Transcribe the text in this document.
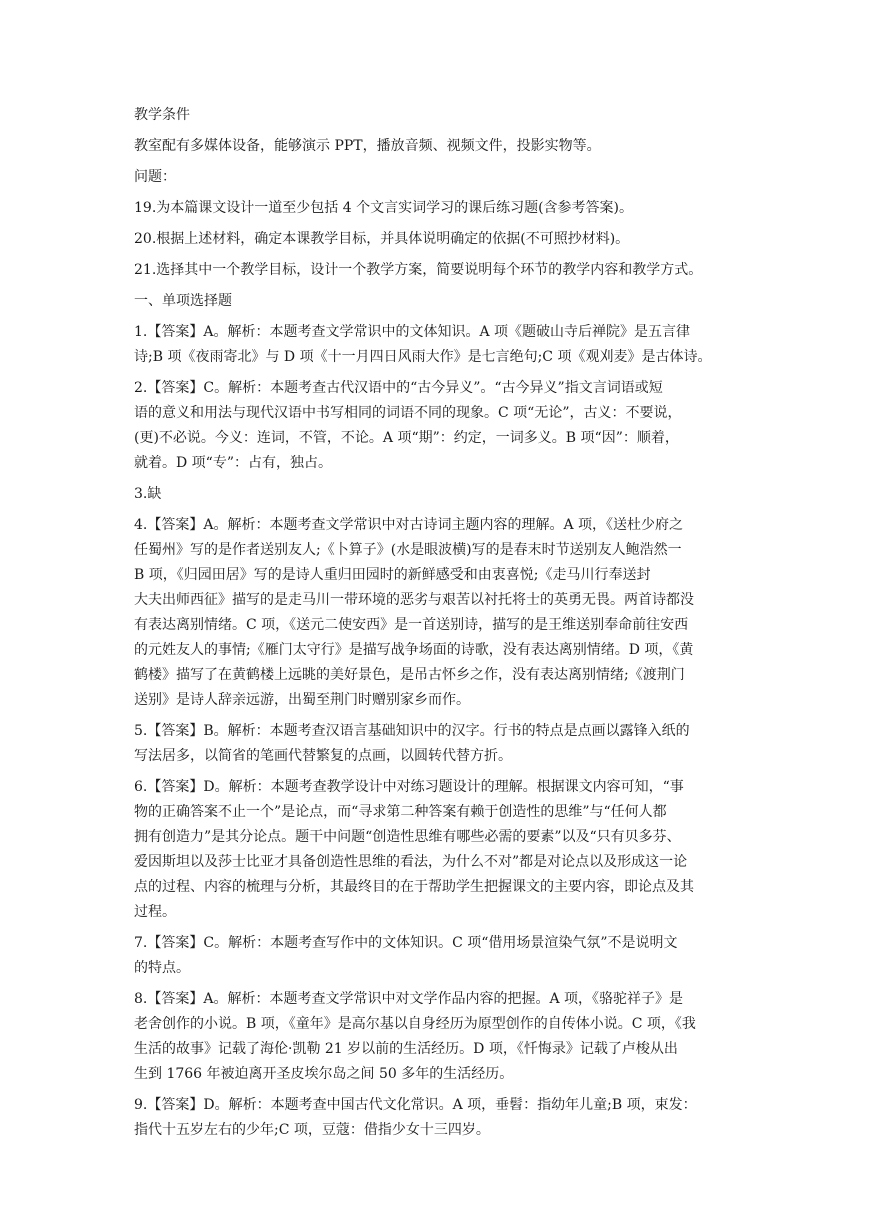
教学条件
教室配有多媒体设备，能够演示 PPT，播放音频、视频文件，投影实物等。
问题：
19.为本篇课文设计一道至少包括 4 个文言实词学习的课后练习题(含参考答案)。
20.根据上述材料，确定本课教学目标，并具体说明确定的依据(不可照抄材料)。
21.选择其中一个教学目标，设计一个教学方案，简要说明每个环节的教学内容和教学方式。
一、单项选择题
1.【答案】A。解析：本题考查文学常识中的文体知识。A 项《题破山寺后禅院》是五言律
诗;B 项《夜雨寄北》与 D 项《十一月四日风雨大作》是七言绝句;C 项《观刈麦》是古体诗。
2.【答案】C。解析：本题考查古代汉语中的“古今异义”。“古今异义”指文言词语或短
语的意义和用法与现代汉语中书写相同的词语不同的现象。C 项“无论”，古义：不要说，
(更)不必说。今义：连词，不管，不论。A 项“期”：约定，一词多义。B 项“因”：顺着，
就着。D 项“专”：占有，独占。
3.缺
4.【答案】A。解析：本题考查文学常识中对古诗词主题内容的理解。A 项，《送杜少府之
任蜀州》写的是作者送别友人;《卜算子》(水是眼波横)写的是春末时节送别友人鲍浩然一
B 项，《归园田居》写的是诗人重归田园时的新鲜感受和由衷喜悦;《走马川行奉送封
大夫出师西征》描写的是走马川一带环境的恶劣与艰苦以衬托将士的英勇无畏。两首诗都没
有表达离别情绪。C 项，《送元二使安西》是一首送别诗，描写的是王维送别奉命前往安西
的元姓友人的事情;《雁门太守行》是描写战争场面的诗歌，没有表达离别情绪。D 项，《黄
鹤楼》描写了在黄鹤楼上远眺的美好景色，是吊古怀乡之作，没有表达离别情绪;《渡荆门
送别》是诗人辞亲远游，出蜀至荆门时赠别家乡而作。
5.【答案】B。解析：本题考查汉语言基础知识中的汉字。行书的特点是点画以露锋入纸的
写法居多，以简省的笔画代替繁复的点画，以圆转代替方折。
6.【答案】D。解析：本题考查教学设计中对练习题设计的理解。根据课文内容可知，“事
物的正确答案不止一个”是论点，而“寻求第二种答案有赖于创造性的思维”与“任何人都
拥有创造力”是其分论点。题干中问题“创造性思维有哪些必需的要素”以及“只有贝多芬、
爱因斯坦以及莎士比亚才具备创造性思维的看法，为什么不对”都是对论点以及形成这一论
点的过程、内容的梳理与分析，其最终目的在于帮助学生把握课文的主要内容，即论点及其
过程。
7.【答案】C。解析：本题考查写作中的文体知识。C 项“借用场景渲染气氛”不是说明文
的特点。
8.【答案】A。解析：本题考查文学常识中对文学作品内容的把握。A 项，《骆驼祥子》是
老舍创作的小说。B 项，《童年》是高尔基以自身经历为原型创作的自传体小说。C 项，《我
生活的故事》记载了海伦·凯勒 21 岁以前的生活经历。D 项，《忏悔录》记载了卢梭从出
生到 1766 年被迫离开圣皮埃尔岛之间 50 多年的生活经历。
9.【答案】D。解析：本题考查中国古代文化常识。A 项，垂髫：指幼年儿童;B 项，束发：
指代十五岁左右的少年;C 项，豆蔻：借指少女十三四岁。
